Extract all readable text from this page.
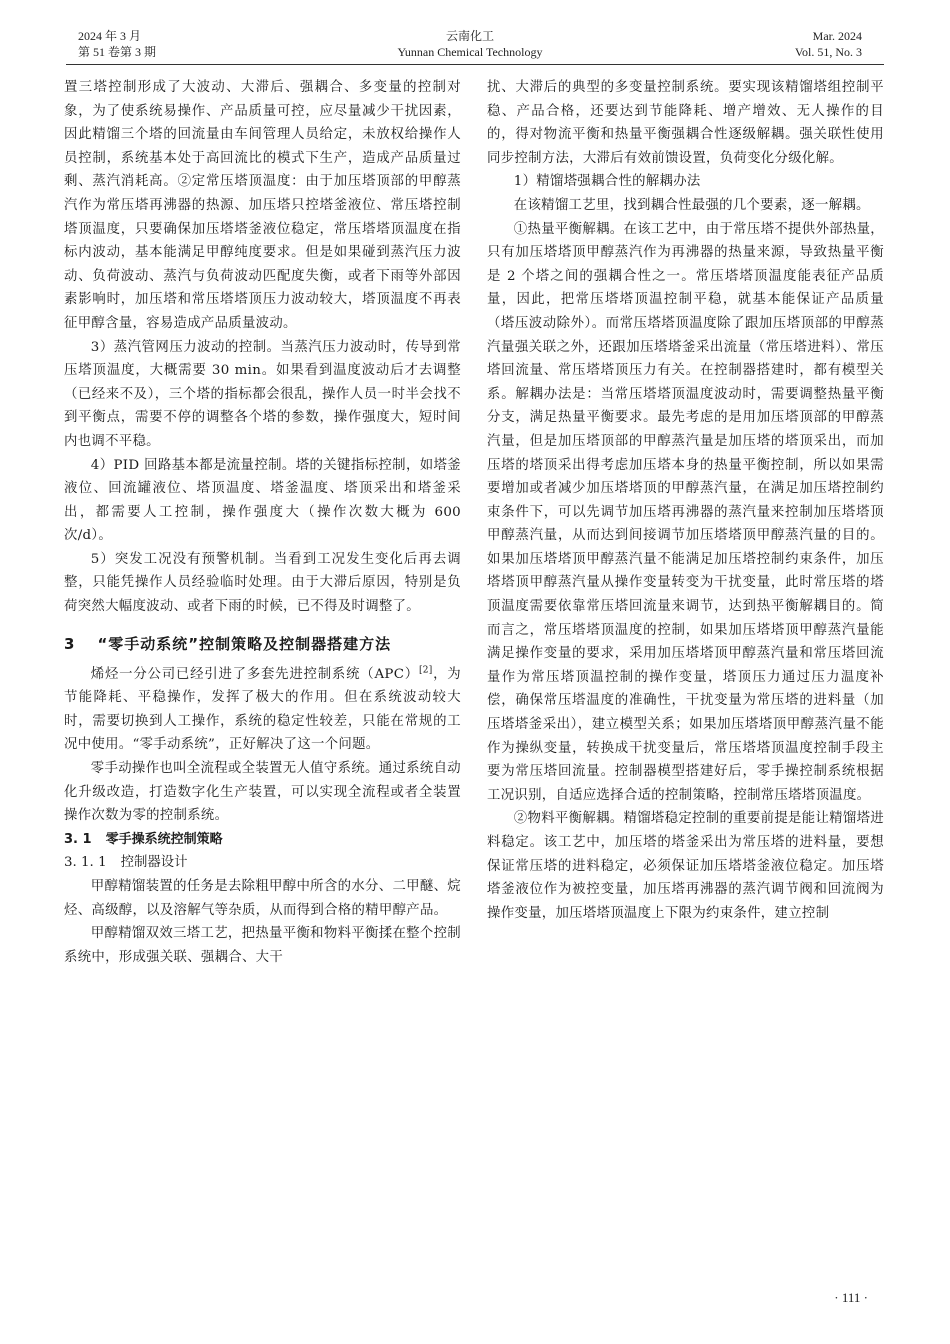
2024 年 3 月
第 51 卷第 3 期
云南化工
Yunnan Chemical Technology
Mar. 2024
Vol. 51, No. 3

置三塔控制形成了大波动、大滞后、强耦合、多变量的控制对象，为了使系统易操作、产品质量可控，应尽量减少干扰因素，因此精馏三个塔的回流量由车间管理人员给定，未放权给操作人员控制，系统基本处于高回流比的模式下生产，造成产品质量过剩、蒸汽消耗高。②定常压塔顶温度：由于加压塔顶部的甲醇蒸汽作为常压塔再沸器的热源、加压塔只控塔釜液位、常压塔控制塔顶温度，只要确保加压塔塔釜液位稳定，常压塔塔顶温度在指标内波动，基本能满足甲醇纯度要求。但是如果碰到蒸汽压力波动、负荷波动、蒸汽与负荷波动匹配度失衡，或者下雨等外部因素影响时，加压塔和常压塔塔顶压力波动较大，塔顶温度不再表征甲醇含量，容易造成产品质量波动。

3）蒸汽管网压力波动的控制。当蒸汽压力波动时，传导到常压塔顶温度，大概需要 30 min。如果看到温度波动后才去调整（已经来不及），三个塔的指标都会很乱，操作人员一时半会找不到平衡点，需要不停的调整各个塔的参数，操作强度大，短时间内也调不平稳。

4）PID 回路基本都是流量控制。塔的关键指标控制，如塔釜液位、回流罐液位、塔顶温度、塔釜温度、塔顶采出和塔釜采出，都需要人工控制，操作强度大（操作次数大概为 600 次/d）。

5）突发工况没有预警机制。当看到工况发生变化后再去调整，只能凭操作人员经验临时处理。由于大滞后原因，特别是负荷突然大幅度波动、或者下雨的时候，已不得及时调整了。

3 “零手动系统”控制策略及控制器搭建方法

烯烃一分公司已经引进了多套先进控制系统（APC）[2]，为节能降耗、平稳操作，发挥了极大的作用。但在系统波动较大时，需要切换到人工操作，系统的稳定性较差，只能在常规的工况中使用。“零手动系统”，正好解决了这一个问题。

零手动操作也叫全流程或全装置无人值守系统。通过系统自动化升级改造，打造数字化生产装置，可以实现全流程或者全装置操作次数为零的控制系统。

3. 1 零手操系统控制策略
3. 1. 1 控制器设计

甲醇精馏装置的任务是去除粗甲醇中所含的水分、二甲醚、烷烃、高级醇，以及溶解气等杂质，从而得到合格的精甲醇产品。

甲醇精馏双效三塔工艺，把热量平衡和物料平衡揉在整个控制系统中，形成强关联、强耦合、大干

扰、大滞后的典型的多变量控制系统。要实现该精馏塔组控制平稳、产品合格，还要达到节能降耗、增产增效、无人操作的目的，得对物流平衡和热量平衡强耦合性逐级解耦。强关联性使用同步控制方法，大滞后有效前馈设置，负荷变化分级化解。

1）精馏塔强耦合性的解耦办法

在该精馏工艺里，找到耦合性最强的几个要素，逐一解耦。

①热量平衡解耦。在该工艺中，由于常压塔不提供外部热量，只有加压塔塔顶甲醇蒸汽作为再沸器的热量来源，导致热量平衡是 2 个塔之间的强耦合性之一。常压塔塔顶温度能表征产品质量，因此，把常压塔塔顶温控制平稳，就基本能保证产品质量（塔压波动除外）。而常压塔塔顶温度除了跟加压塔顶部的甲醇蒸汽量强关联之外，还跟加压塔塔釜采出流量（常压塔进料）、常压塔回流量、常压塔塔顶压力有关。在控制器搭建时，都有模型关系。解耦办法是：当常压塔塔顶温度波动时，需要调整热量平衡分支，满足热量平衡要求。最先考虑的是用加压塔顶部的甲醇蒸汽量，但是加压塔顶部的甲醇蒸汽量是加压塔的塔顶采出，而加压塔的塔顶采出得考虑加压塔本身的热量平衡控制，所以如果需要增加或者减少加压塔塔顶的甲醇蒸汽量，在满足加压塔控制约束条件下，可以先调节加压塔再沸器的蒸汽量来控制加压塔塔顶甲醇蒸汽量，从而达到间接调节加压塔塔顶甲醇蒸汽量的目的。如果加压塔塔顶甲醇蒸汽量不能满足加压塔控制约束条件，加压塔塔顶甲醇蒸汽量从操作变量转变为干扰变量，此时常压塔的塔顶温度需要依靠常压塔回流量来调节，达到热平衡解耦目的。简而言之，常压塔塔顶温度的控制，如果加压塔塔顶甲醇蒸汽量能满足操作变量的要求，采用加压塔塔顶甲醇蒸汽量和常压塔回流量作为常压塔顶温控制的操作变量，塔顶压力通过压力温度补偿，确保常压塔温度的准确性，干扰变量为常压塔的进料量（加压塔塔釜采出），建立模型关系；如果加压塔塔顶甲醇蒸汽量不能作为操纵变量，转换成干扰变量后，常压塔塔顶温度控制手段主要为常压塔回流量。控制器模型搭建好后，零手操控制系统根据工况识别，自适应选择合适的控制策略，控制常压塔塔顶温度。

②物料平衡解耦。精馏塔稳定控制的重要前提是能让精馏塔进料稳定。该工艺中，加压塔的塔釜采出为常压塔的进料量，要想保证常压塔的进料稳定，必须保证加压塔塔釜液位稳定。加压塔塔釜液位作为被控变量，加压塔再沸器的蒸汽调节阀和回流阀为操作变量，加压塔塔顶温度上下限为约束条件，建立控制

· 111 ·
